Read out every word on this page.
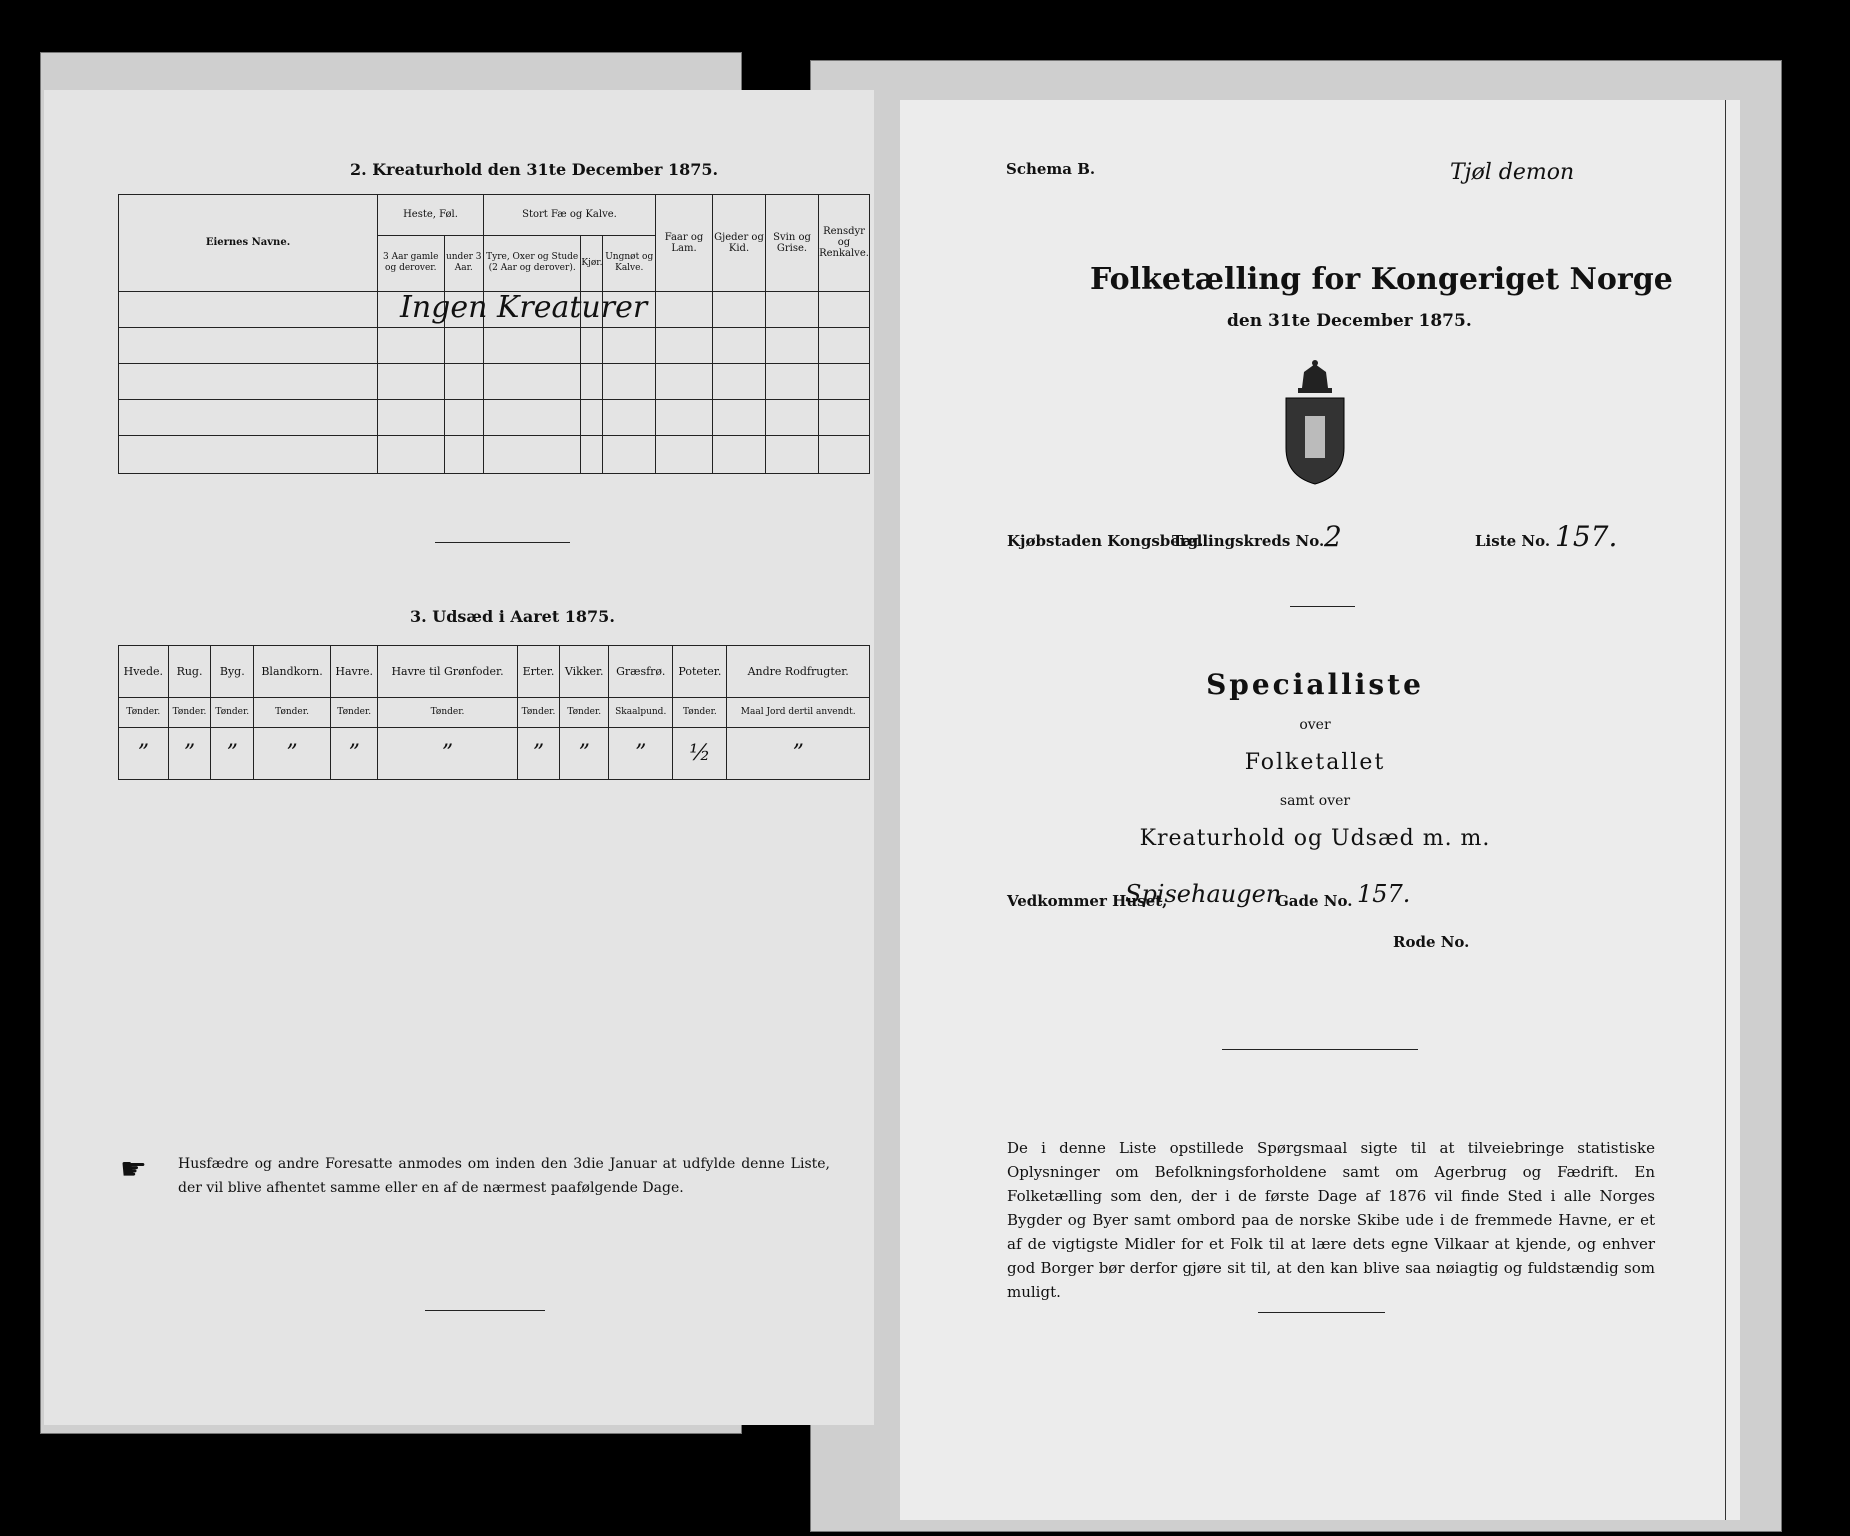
2. Kreaturhold den 31te December 1875.
Eiernes Navne.	Heste, Føl.		Stort Fæ og Kalve.			Faar og Lam.	Gjeder og Kid.	Svin og Grise.	Rensdyr og Renkalve.
	3 Aar gamle og derover.	under 3 Aar.	Tyre, Oxer og Stude (2 Aar og derover).	Kjør.	Ungnøt og Kalve.				

Ingen Kreaturer
3. Udsæd i Aaret 1875.
Hvede.	Rug.	Byg.	Blandkorn.	Havre.	Havre til Grønfoder.	Erter.	Vikker.	Græsfrø.	Poteter.	Andre Rodfrugter.
Tønder.	Tønder.	Tønder.	Tønder.	Tønder.	Tønder.	Tønder.	Tønder.	Skaalpund.	Tønder.	Maal Jord dertil anvendt.
”	”	”	”	”	”	”	”	”	½	”
☛ Husfædre og andre Foresatte anmodes om inden den 3die Januar at udfylde denne Liste, der vil blive afhentet samme eller en af de nærmest paafølgende Dage.
Schema B.	Tjøl demon
Folketælling for Kongeriget Norge
den 31te December 1875.
Kjøbstaden Kongsberg.
Tællingskreds No. 2	Liste No. 157.
Specialliste
over
Folketallet
samt over
Kreaturhold og Udsæd m. m.
Vedkommer Huset,
Spisehaugen
Gade No. 157.
Rode No.
De i denne Liste opstillede Spørgsmaal sigte til at tilveiebringe statistiske Oplysninger om Befolkningsforholdene samt om Agerbrug og Fædrift. En Folketælling som den, der i de første Dage af 1876 vil finde Sted i alle Norges Bygder og Byer samt ombord paa de norske Skibe ude i de fremmede Havne, er et af de vigtigste Midler for et Folk til at lære dets egne Vilkaar at kjende, og enhver god Borger bør derfor gjøre sit til, at den kan blive saa nøiagtig og fuldstændig som muligt.
